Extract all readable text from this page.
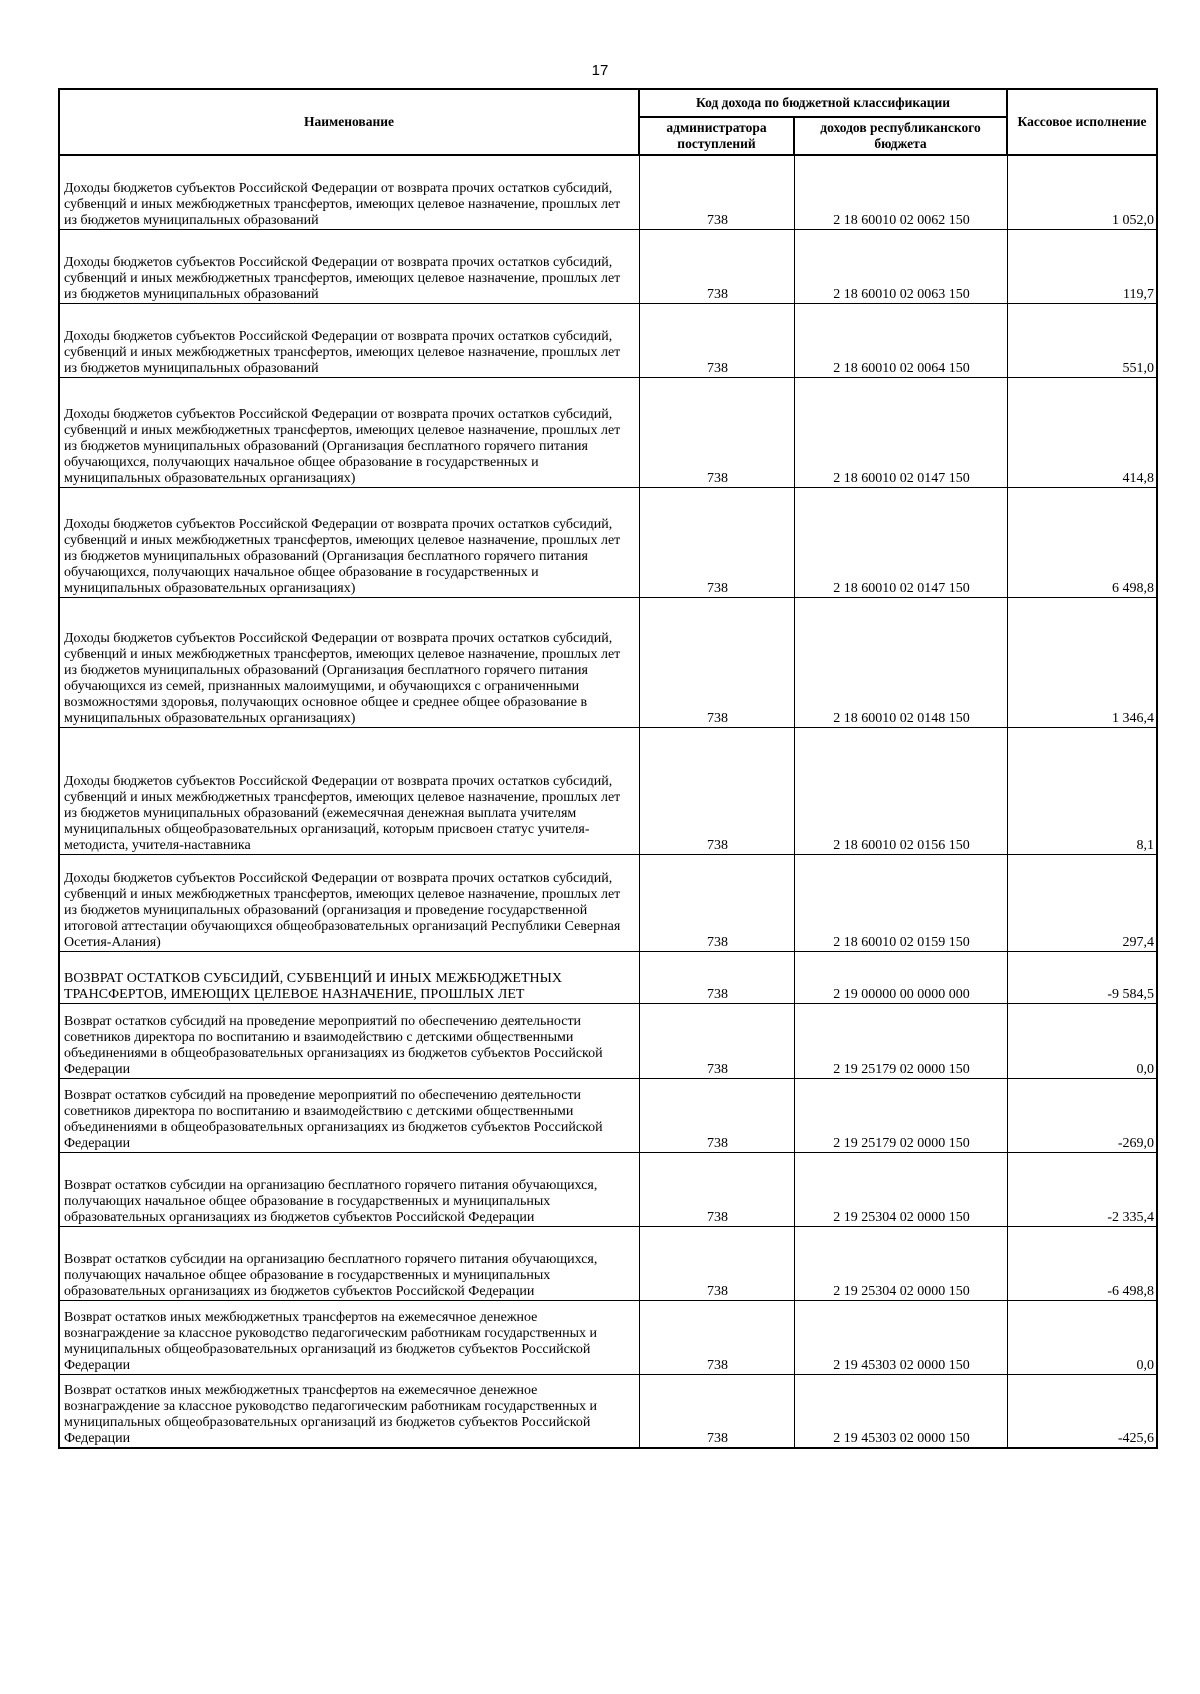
17
Наименование	Код дохода по бюджетной классификации		Кассовое исполнение
	администратора поступлений	доходов республиканского бюджета	
Доходы бюджетов субъектов Российской Федерации от возврата прочих остатков субсидий, субвенций и иных межбюджетных трансфертов, имеющих целевое назначение, прошлых лет из бюджетов муниципальных образований	738	2 18 60010 02 0062 150	1 052,0
Доходы бюджетов субъектов Российской Федерации от возврата прочих остатков субсидий, субвенций и иных межбюджетных трансфертов, имеющих целевое назначение, прошлых лет из бюджетов муниципальных образований	738	2 18 60010 02 0063 150	119,7
Доходы бюджетов субъектов Российской Федерации от возврата прочих остатков субсидий, субвенций и иных межбюджетных трансфертов, имеющих целевое назначение, прошлых лет из бюджетов муниципальных образований	738	2 18 60010 02 0064 150	551,0
Доходы бюджетов субъектов Российской Федерации от возврата прочих остатков субсидий, субвенций и иных межбюджетных трансфертов, имеющих целевое назначение, прошлых лет из бюджетов муниципальных образований (Организация бесплатного горячего питания обучающихся, получающих начальное общее образование в государственных и муниципальных образовательных организациях)	738	2 18 60010 02 0147 150	414,8
Доходы бюджетов субъектов Российской Федерации от возврата прочих остатков субсидий, субвенций и иных межбюджетных трансфертов, имеющих целевое назначение, прошлых лет из бюджетов муниципальных образований (Организация бесплатного горячего питания обучающихся, получающих начальное общее образование в государственных и муниципальных образовательных организациях)	738	2 18 60010 02 0147 150	6 498,8
Доходы бюджетов субъектов Российской Федерации от возврата прочих остатков субсидий, субвенций и иных межбюджетных трансфертов, имеющих целевое назначение, прошлых лет из бюджетов муниципальных образований (Организация бесплатного горячего питания обучающихся из семей, признанных малоимущими, и обучающихся с ограниченными возможностями здоровья, получающих основное общее и среднее общее образование в муниципальных образовательных организациях)	738	2 18 60010 02 0148 150	1 346,4
Доходы бюджетов субъектов Российской Федерации от возврата прочих остатков субсидий, субвенций и иных межбюджетных трансфертов, имеющих целевое назначение, прошлых лет из бюджетов муниципальных образований (ежемесячная денежная выплата учителям муниципальных общеобразовательных организаций, которым присвоен статус учителя-методиста, учителя-наставника	738	2 18 60010 02 0156 150	8,1
Доходы бюджетов субъектов Российской Федерации от возврата прочих остатков субсидий, субвенций и иных межбюджетных трансфертов, имеющих целевое назначение, прошлых лет из бюджетов муниципальных образований (организация и проведение государственной итоговой аттестации обучающихся общеобразовательных организаций Республики Северная Осетия-Алания)	738	2 18 60010 02 0159 150	297,4
ВОЗВРАТ ОСТАТКОВ СУБСИДИЙ, СУБВЕНЦИЙ И ИНЫХ МЕЖБЮДЖЕТНЫХ ТРАНСФЕРТОВ, ИМЕЮЩИХ ЦЕЛЕВОЕ НАЗНАЧЕНИЕ, ПРОШЛЫХ ЛЕТ	738	2 19 00000 00 0000 000	-9 584,5
Возврат остатков субсидий на проведение мероприятий по обеспечению деятельности советников директора по воспитанию и взаимодействию с детскими общественными объединениями в общеобразовательных организациях из бюджетов субъектов Российской Федерации	738	2 19 25179 02 0000 150	0,0
Возврат остатков субсидий на проведение мероприятий по обеспечению деятельности советников директора по воспитанию и взаимодействию с детскими общественными объединениями в общеобразовательных организациях из бюджетов субъектов Российской Федерации	738	2 19 25179 02 0000 150	-269,0
Возврат остатков субсидии на организацию бесплатного горячего питания обучающихся, получающих начальное общее образование в государственных и муниципальных образовательных организациях из бюджетов субъектов Российской Федерации	738	2 19 25304 02 0000 150	-2 335,4
Возврат остатков субсидии на организацию бесплатного горячего питания обучающихся, получающих начальное общее образование в государственных и муниципальных образовательных организациях из бюджетов субъектов Российской Федерации	738	2 19 25304 02 0000 150	-6 498,8
Возврат остатков иных межбюджетных трансфертов на ежемесячное денежное вознаграждение за классное руководство педагогическим работникам государственных и муниципальных общеобразовательных организаций из бюджетов субъектов Российской Федерации	738	2 19 45303 02 0000 150	0,0
Возврат остатков иных межбюджетных трансфертов на ежемесячное денежное вознаграждение за классное руководство педагогическим работникам государственных и муниципальных общеобразовательных организаций из бюджетов субъектов Российской Федерации	738	2 19 45303 02 0000 150	-425,6
